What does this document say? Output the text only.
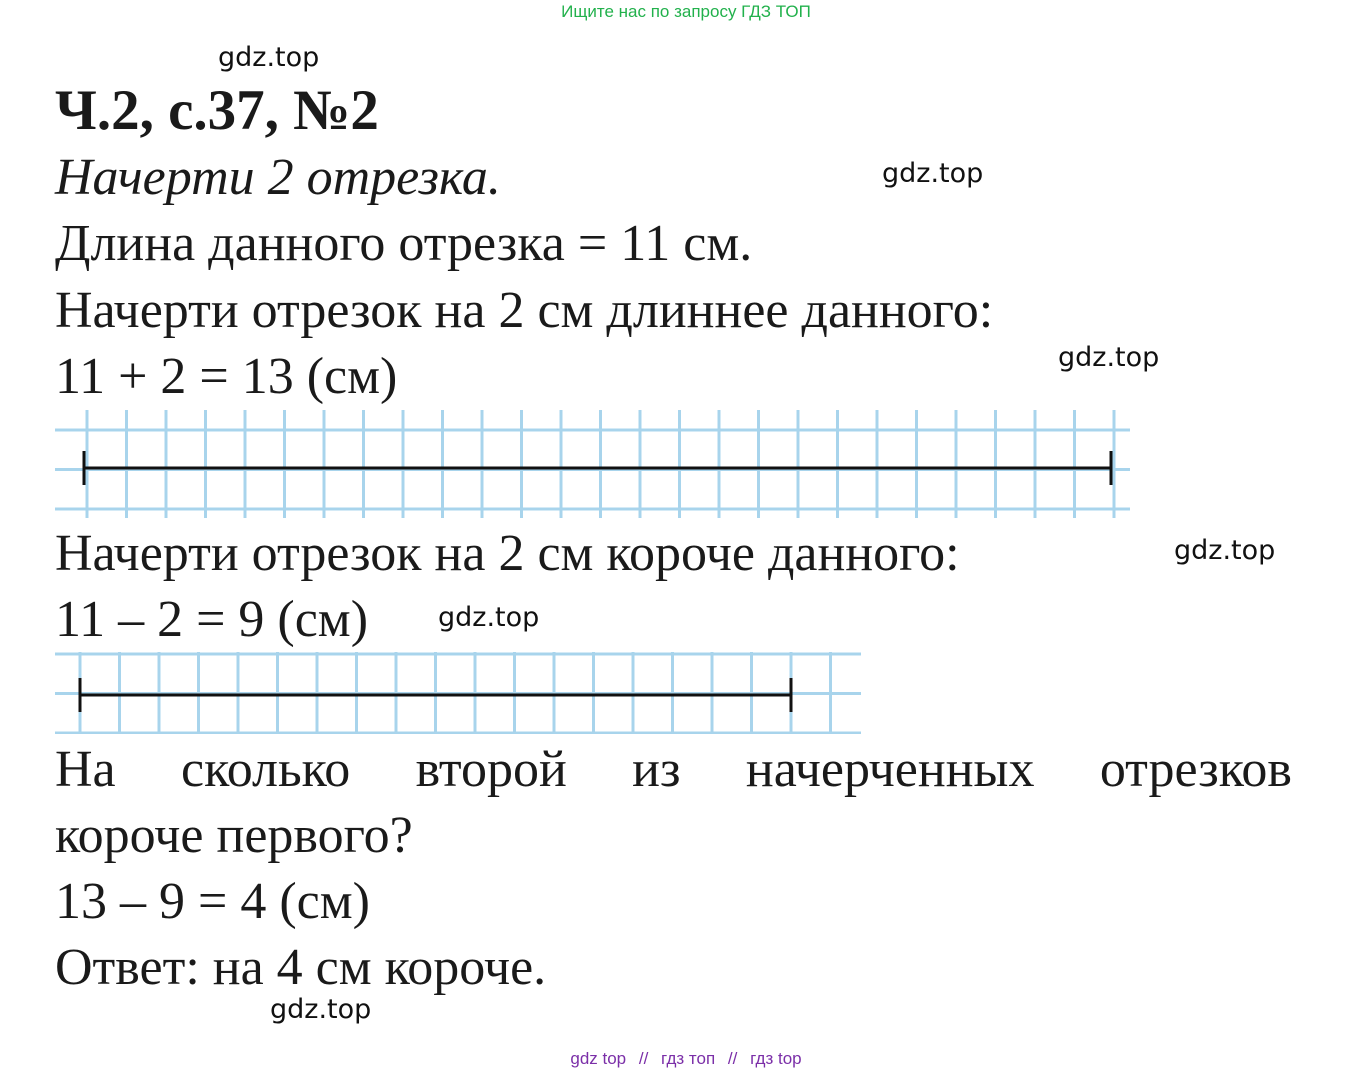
Ищите нас по запросу ГДЗ ТОП
gdz.top
gdz.top
gdz.top
gdz.top
gdz.top
gdz.top
Ч.2, с.37, №2
Начерти 2 отрезка.
Длина данного отрезка = 11 см.
Начерти отрезок на 2 см длиннее данного:
11 + 2 = 13 (см)
Начерти отрезок на 2 см короче данного:
11 – 2 = 9 (см)
На сколько второй из начерченных отрезков
короче первого?
13 – 9 = 4 (см)
Ответ: на 4 см короче.
gdz top // гдз топ // гдз top
